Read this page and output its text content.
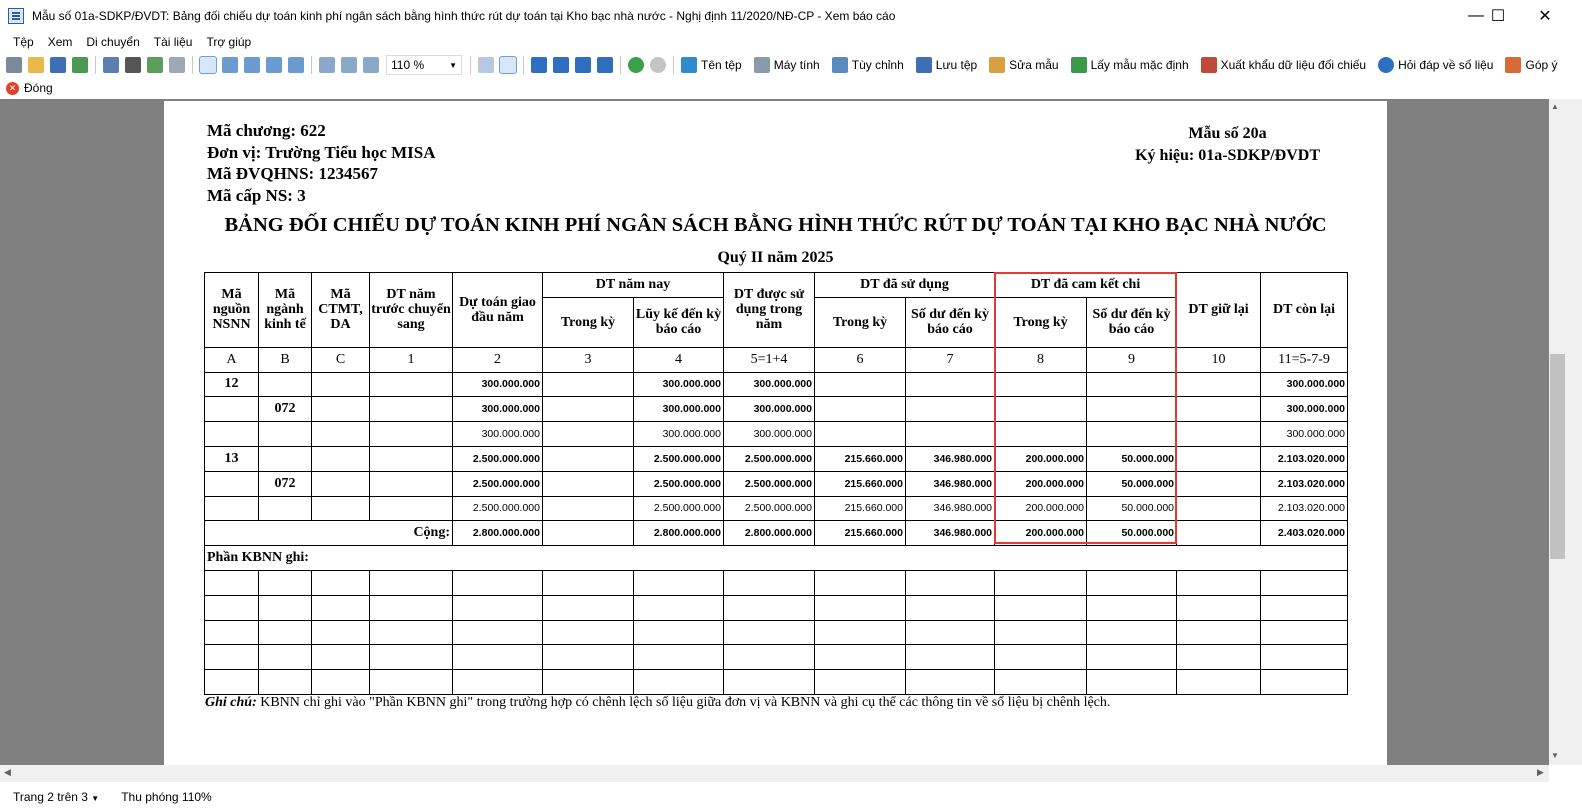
Mẫu số 01a-SDKP/ĐVDT: Bảng đối chiếu dự toán kinh phí ngân sách bằng hình thức rút dự toán tại Kho bạc nhà nước - Nghị định 11/2020/NĐ-CP - Xem báo cáo	— ☐	✕
Tệp	Xem	Di chuyển	Tài liệu	Trợ giúp
110 %	▼	Tên tệp	Máy tính	Tùy chỉnh	Lưu tệp	Sửa mẫu	Lấy mẫu mặc định	Xuất khẩu dữ liệu đối chiếu	Hỏi đáp về số liệu	Góp ý
✕ Đóng
Mã chương: 622
Đơn vị: Trường Tiểu học MISA
Mã ĐVQHNS: 1234567
Mã cấp NS: 3
Mẫu số 20a
Ký hiệu: 01a-SDKP/ĐVDT
BẢNG ĐỐI CHIẾU DỰ TOÁN KINH PHÍ NGÂN SÁCH BẰNG HÌNH THỨC RÚT DỰ TOÁN TẠI KHO BẠC NHÀ NƯỚC
Quý II năm 2025
Mã nguồn NSNN	Mã ngành kinh tế	Mã CTMT, DA	DT năm trước chuyển sang	Dự toán giao đầu năm	DT năm nay		DT được sử dụng trong năm	DT đã sử dụng		DT đã cam kết chi		DT giữ lại	DT còn lại
					Trong kỳ	Lũy kế đến kỳ báo cáo		Trong kỳ	Số dư đến kỳ báo cáo	Trong kỳ	Số dư đến kỳ báo cáo		
A	B	C	1	2	3	4	5=1+4	6	7	8	9	10	11=5-7-9
12				300.000.000		300.000.000	300.000.000						300.000.000
	072			300.000.000		300.000.000	300.000.000						300.000.000
				300.000.000		300.000.000	300.000.000						300.000.000
13				2.500.000.000		2.500.000.000	2.500.000.000	215.660.000	346.980.000	200.000.000	50.000.000		2.103.020.000
	072			2.500.000.000		2.500.000.000	2.500.000.000	215.660.000	346.980.000	200.000.000	50.000.000		2.103.020.000
				2.500.000.000		2.500.000.000	2.500.000.000	215.660.000	346.980.000	200.000.000	50.000.000		2.103.020.000
Cộng:				2.800.000.000		2.800.000.000	2.800.000.000	215.660.000	346.980.000	200.000.000	50.000.000		2.403.020.000
Phần KBNN ghi:													

Ghi chú: KBNN chỉ ghi vào "Phần KBNN ghi" trong trường hợp có chênh lệch số liệu giữa đơn vị và KBNN và ghi cụ thể các thông tin về số liệu bị chênh lệch.
▲
▼
◀	▶
Trang 2 trên 3 ▼ Thu phóng 110%
